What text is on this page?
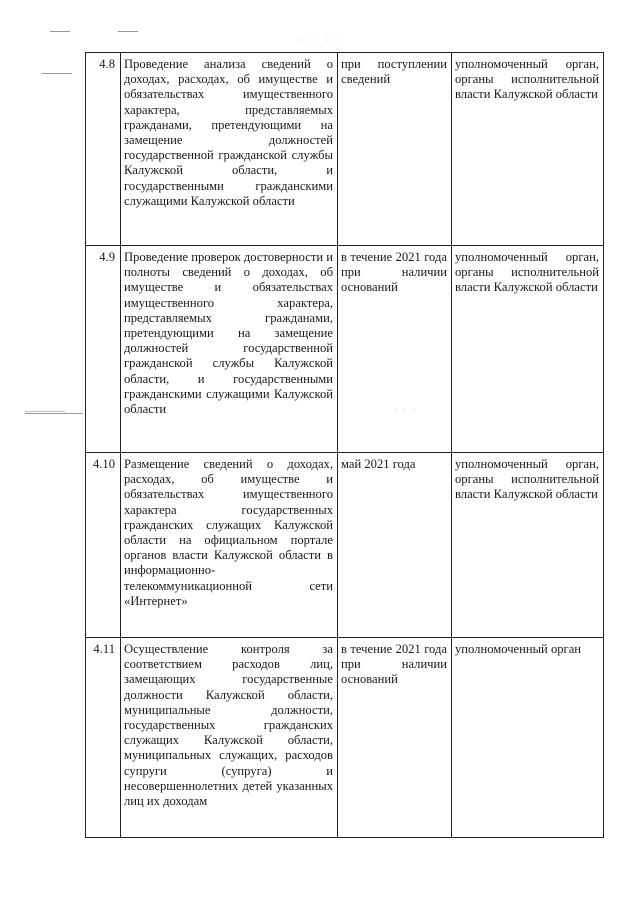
· · · · ·
· · ·
4.8	Проведение анализа сведений о доходах, расходах, об имуществе и обязательствах имущественного характера, представляемых гражданами, претендующими на замещение должностей государственной гражданской службы Калужской области, и государственными гражданскими служащими Калужской области	при поступлении сведений	уполномоченный орган, органы исполнительной власти Калужской области
4.9	Проведение проверок достоверности и полноты сведений о доходах, об имуществе и обязательствах имущественного характера, представляемых гражданами, претендующими на замещение должностей государственной гражданской службы Калужской области, и государственными гражданскими служащими Калужской области	в течение 2021 года при наличии оснований	уполномоченный орган, органы исполнительной власти Калужской области
4.10	Размещение сведений о доходах, расходах, об имуществе и обязательствах имущественного характера государственных гражданских служащих Калужской области на официальном портале органов власти Калужской области в информационно-телекоммуникационной сети «Интернет»	май 2021 года	уполномоченный орган, органы исполнительной власти Калужской области
4.11	Осуществление контроля за соответствием расходов лиц, замещающих государственные должности Калужской области, муниципальные должности, государственных гражданских служащих Калужской области, муниципальных служащих, расходов супруги (супруга) и несовершеннолетних детей указанных лиц их доходам	в течение 2021 года при наличии оснований	уполномоченный орган
